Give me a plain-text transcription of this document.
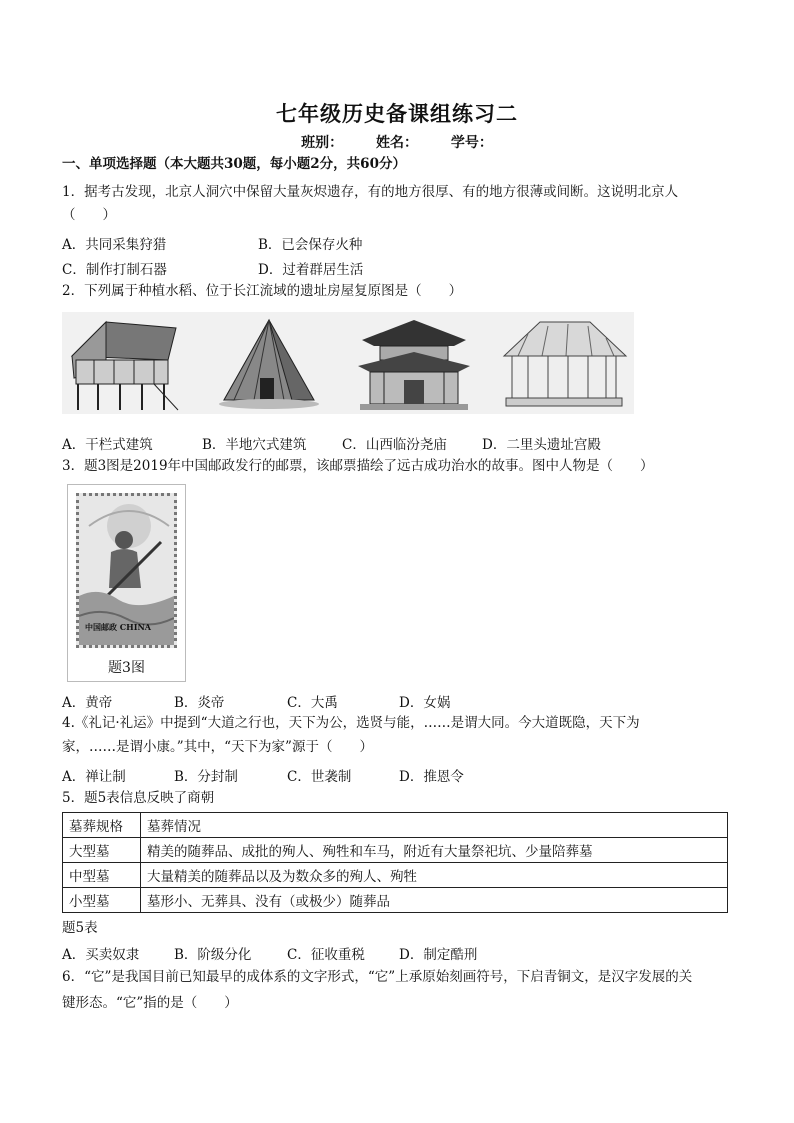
七年级历史备课组练习二
班别： 姓名： 学号：
一、单项选择题（本大题共30题，每小题2分，共60分）
1．据考古发现，北京人洞穴中保留大量灰烬遗存，有的地方很厚、有的地方很薄或间断。这说明北京人
（　　）
A．共同采集狩猎	B．已会保存火种
C．制作打制石器	D．过着群居生活
2．下列属于种植水稻、位于长江流域的遗址房屋复原图是（　　）
A．干栏式建筑	B．半地穴式建筑	C．山西临汾尧庙	D．二里头遗址宫殿
3．题3图是2019年中国邮政发行的邮票，该邮票描绘了远古成功治水的故事。图中人物是（　　）
中国邮政 CHINA
题3图
A．黄帝	B．炎帝	C．大禹	D．女娲
4.《礼记·礼运》中提到“大道之行也，天下为公，选贤与能，……是谓大同。今大道既隐，天下为
家，……是谓小康。”其中，“天下为家”源于（　　）
A．禅让制	B．分封制	C．世袭制	D．推恩令
5．题5表信息反映了商朝
墓葬规格	墓葬情况
大型墓	精美的随葬品、成批的殉人、殉牲和车马，附近有大量祭祀坑、少量陪葬墓
中型墓	大量精美的随葬品以及为数众多的殉人、殉牲
小型墓	墓形小、无葬具、没有（或极少）随葬品
题5表
A．买卖奴隶	B．阶级分化	C．征收重税	D．制定酷刑
6．“它”是我国目前已知最早的成体系的文字形式，“它”上承原始刻画符号，下启青铜文，是汉字发展的关
键形态。“它”指的是（　　）
